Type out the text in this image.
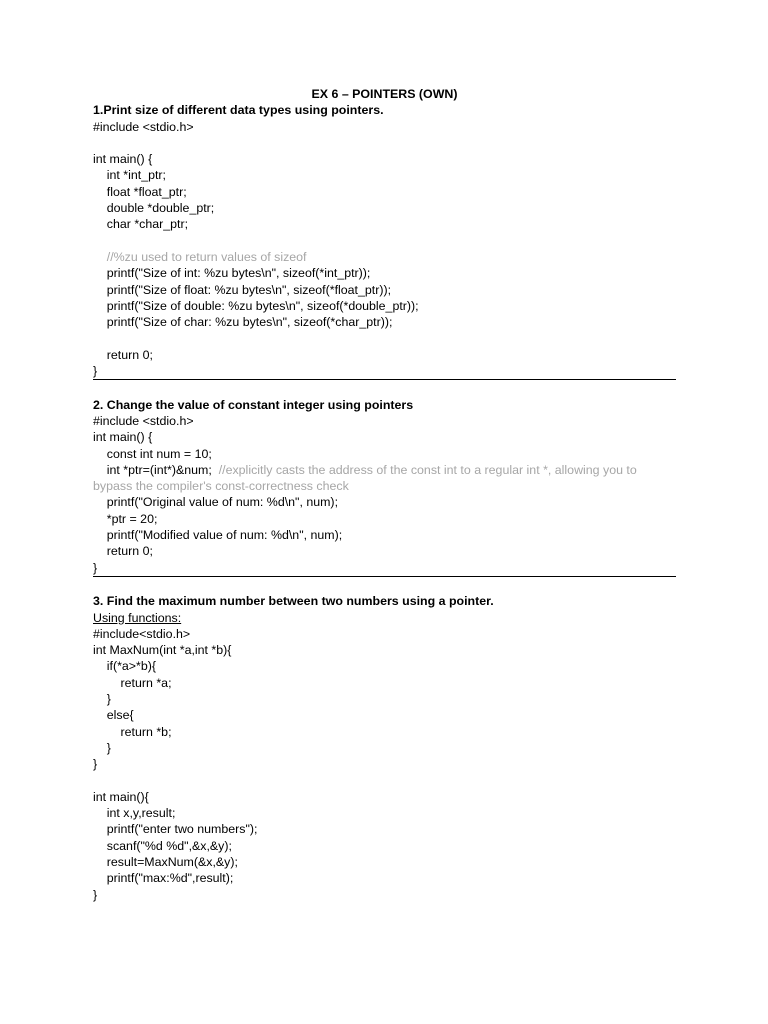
EX 6 – POINTERS (OWN)
1.Print size of different data types using pointers.
#include <stdio.h>
int main() {
int *int_ptr;
float *float_ptr;
double *double_ptr;
char *char_ptr;
//%zu used to return values of sizeof
printf("Size of int: %zu bytes\n", sizeof(*int_ptr));
printf("Size of float: %zu bytes\n", sizeof(*float_ptr));
printf("Size of double: %zu bytes\n", sizeof(*double_ptr));
printf("Size of char: %zu bytes\n", sizeof(*char_ptr));
return 0;
}
2. Change the value of constant integer using pointers
#include <stdio.h>
int main() {
const int num = 10;
int *ptr=(int*)&num;  //explicitly casts the address of the const int to a regular int *, allowing you to bypass the compiler's const-correctness check
printf("Original value of num: %d\n", num);
*ptr = 20;
printf("Modified value of num: %d\n", num);
return 0;
}
3. Find the maximum number between two numbers using a pointer.
Using functions:
#include<stdio.h>
int MaxNum(int *a,int *b){
if(*a>*b){
return *a;
}
else{
return *b;
}
}
int main(){
int x,y,result;
printf("enter two numbers");
scanf("%d %d",&x,&y);
result=MaxNum(&x,&y);
printf("max:%d",result);
}
